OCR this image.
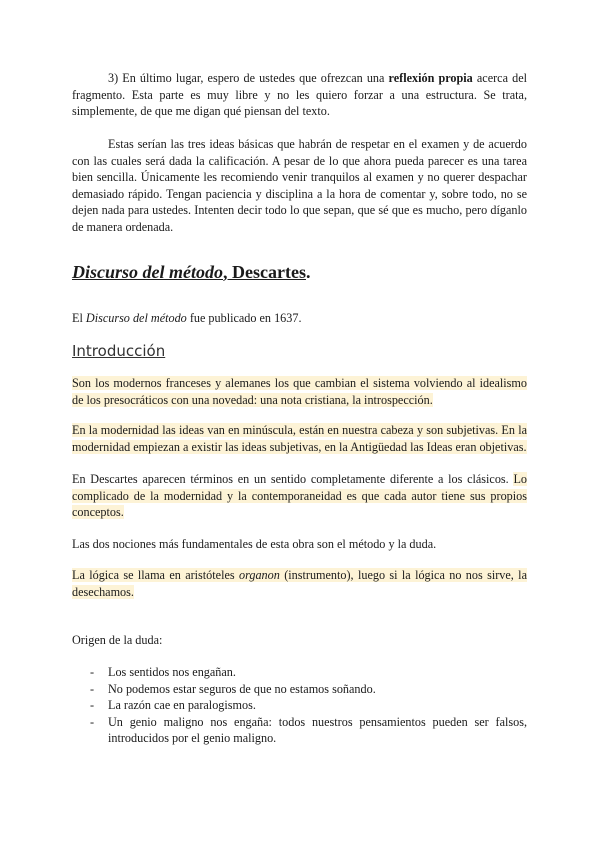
3) En último lugar, espero de ustedes que ofrezcan una reflexión propia acerca del fragmento. Esta parte es muy libre y no les quiero forzar a una estructura. Se trata, simplemente, de que me digan qué piensan del texto.

Estas serían las tres ideas básicas que habrán de respetar en el examen y de acuerdo con las cuales será dada la calificación. A pesar de lo que ahora pueda parecer es una tarea bien sencilla. Únicamente les recomiendo venir tranquilos al examen y no querer despachar demasiado rápido. Tengan paciencia y disciplina a la hora de comentar y, sobre todo, no se dejen nada para ustedes. Intenten decir todo lo que sepan, que sé que es mucho, pero díganlo de manera ordenada.

Discurso del método, Descartes.

El Discurso del método fue publicado en 1637.

Introducción

Son los modernos franceses y alemanes los que cambian el sistema volviendo al idealismo de los presocráticos con una novedad: una nota cristiana, la introspección.

En la modernidad las ideas van en minúscula, están en nuestra cabeza y son subjetivas. En la modernidad empiezan a existir las ideas subjetivas, en la Antigüedad las Ideas eran objetivas.

En Descartes aparecen términos en un sentido completamente diferente a los clásicos. Lo complicado de la modernidad y la contemporaneidad es que cada autor tiene sus propios conceptos.

Las dos nociones más fundamentales de esta obra son el método y la duda.

La lógica se llama en aristóteles organon (instrumento), luego si la lógica no nos sirve, la desechamos.

Origen de la duda:

- Los sentidos nos engañan.
- No podemos estar seguros de que no estamos soñando.
- La razón cae en paralogismos.
- Un genio maligno nos engaña: todos nuestros pensamientos pueden ser falsos, introducidos por el genio maligno.
